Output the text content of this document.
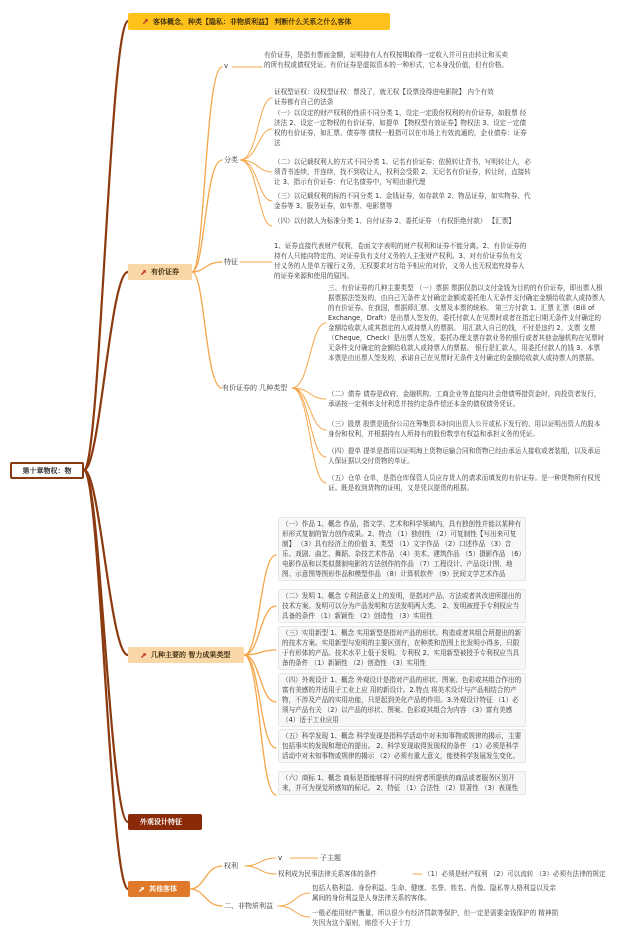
第十章物权：物
客体概念，种类【隐私：非物质利益】 判断什么关系之什么客体
有价证券
v
有价证券，是指有票面金额，证明持有人有权按期取得一定收入并可自由转让和买卖的所有权或债权凭证。有价证券是虚拟资本的一种形式，它本身没价值，但有价格。
分类
证权型证权：设权型证权：票没了，就无权【设票没得进电影院】 内个有效证券都有自己的法条
（一）以设定的财产权利的性质不同分类 1、设定一定股份权利的有价证券，如股票 经济法 2、设定一定物权的有价证券，如提单 【物权型有效证券】物权法 3、设定一定债权的有价证券，如汇票、债券等 债权一般指可以在市场上有效流通的，企业债券：证券法
（二）以记载权利人的方式不同分类 1、记名有价证券；依照转让背书，写明转让人，必须背书连续，并连续，找不到收让人，权利会受限 2、无记名有价证券，转让时，直接转让 3、指示有价证券：有记名债券中，写明由谁代理
（三）以记载权利的标的不同分类 1、金钱证券，如存款单 2、物品证券，如实物券、代金券等 3、服务证券，如车票、电影票等
（四）以付款人为标准分类 1、自付证券 2、委托证券 （有权拒绝付款） 【汇票】
特征
1、证券直接代表财产权利，卷面文字表明的财产权利和证券不能分离。2、有价证券的持有人只能向特定的、对证券负有支付义务的人主张财产权利。3、对有价证券负有支付义务的人是单方履行义务，无权要求对方给予相应的对价，义务人也无权追究持券人的证券来源和使用的原因。
有价证券的 几种类型
三、有价证券的几种主要类型 （一）票据 票据仅指以支付金钱为目的的有价证券，即出票人根据票据法签发的，由自己无条件支付确定金额或委托他人无条件支付确定金额给收款人或持票人的有价证券。在我国，票据即汇票、支票及本票的统称。 第三方付款 1、汇票 汇票（Bill of Exchange，Draft）是出票人签发的，委托付款人在见票时或者在指定日期无条件支付确定的金额给收款人或其指定的人或持票人的票据。 用汇款人自己的钱，不付是违约 2、支票 支票（Cheque，Check）是出票人签发，委托办理支票存款业务的银行或者其他金融机构在见票时无条件支付确定的金额给收款人或持票人的票据。 银行是汇款人，用委托付款人的钱 3、本票 本票是由出票人签发的，承诺自己在见票时无条件支付确定的金额给收款人或持票人的票据。
（二）债券 债券是政府、金融机构、工商企业等直接向社会借债筹措资金时，向投资者发行，承诺按一定利率支付利息并按约定条件偿还本金的债权债务凭证。
（三）股票 股票是股份公司在筹集资本时向出资人公开或私下发行的、用以证明出资人的股本身份和权利，并根据持有人所持有的股份数享有权益和承担义务的凭证。
（四）提单 提单是指用以证明海上货物运输合同和货物已经由承运人接收或者装船，以及承运人保证据以交付货物的单证。
（五）仓单 仓单，是指仓库保管人员应存货人的请求而填发的有价证券。是一种货物所有权凭证。既是收到货物的证明，又是凭以提货的根据。
几种主要的 智力成果类型
（一）作品 1、概念 作品，指文学、艺术和科学领域内，具有独创性并能以某种有形形式复制的智力创作成果。2、特点 （1）独创性 （2）可复制性【写出来可复制】 （3）具有经济上的价值 3、类型 （1）文字作品 （2）口述作品 （3）音乐、戏剧、曲艺、舞蹈、杂技艺术作品 （4）美术、建筑作品 （5）摄影作品 （6）电影作品和以类似摄制电影的方法创作的作品 （7）工程设计、产品设计图、地图、示意图等图形作品和模型作品 （8）计算机软件 （9）民间文学艺术作品
（二）发明 1、概念 专利法意义上的发明，是指对产品、方法或者其改进所提出的技术方案。发明可以分为产品发明和方法发明两大类。 2、发明被授予专利权应当具备的条件 （1）新颖性 （2）创造性 （3）实用性
（三）实用新型 1、概念 实用新型是指对产品的形状、构造或者其组合所提出的新的技术方案。实用新型与发明的主要区别有，在种类和范围上比发明小得多，只限于有形体的产品。技术水平上低于发明。专利权 2、实用新型被授予专利权应当具备的条件 （1）新颖性 （2）创造性 （3）实用性
（四）外观设计 1、概念 外观设计是指对产品的形状、图案、色彩或其组合作出的富有美感的并适用于工业上应 用的新设计。2.特点 将美术设计与产品相结合的产物，不涉及产品的实用功能，只是起到美化产品的作用。3.外观设计特征 （1）必须与产品有关 （2）以产品的形状、图案、色彩或其组合为内容 （3）富有美感 （4）适于工业应用
（五）科学发现 1、概念 科学发现是指科学活动中对未知事物或规律的揭示，主要包括事实的发现和理论的提出。 2、科学发现取得发现权的条件 （1）必须是科学活动中对未知事物或规律的揭示 （2）必须有重大意义，能使科学发展发生变化。
（六）商标 1、概念 商标是指能够将不同的经营者所提供的商品或者服务区别开来，并可为视觉所感知的标记。 2、特征 （1）合法性 （2）显著性 （3）表现性
外观设计特征
其他客体
权利
v	子主题
权利成为民事法律关系客体的条件	（1）必须是财产权利 （2）可以流转 （3）必须有法律的规定
二、非物质利益
包括人格利益、身份利益。生命、健康、名誉、姓名、肖像、隐私等人格利益以及亲属间的身份利益是人身法律关系的客体。
一般必能用财产衡量，所以很少有经济罚款等保护，但一定是需要金钱保护的 精神损失因为这个原则，赔偿不大于十万
